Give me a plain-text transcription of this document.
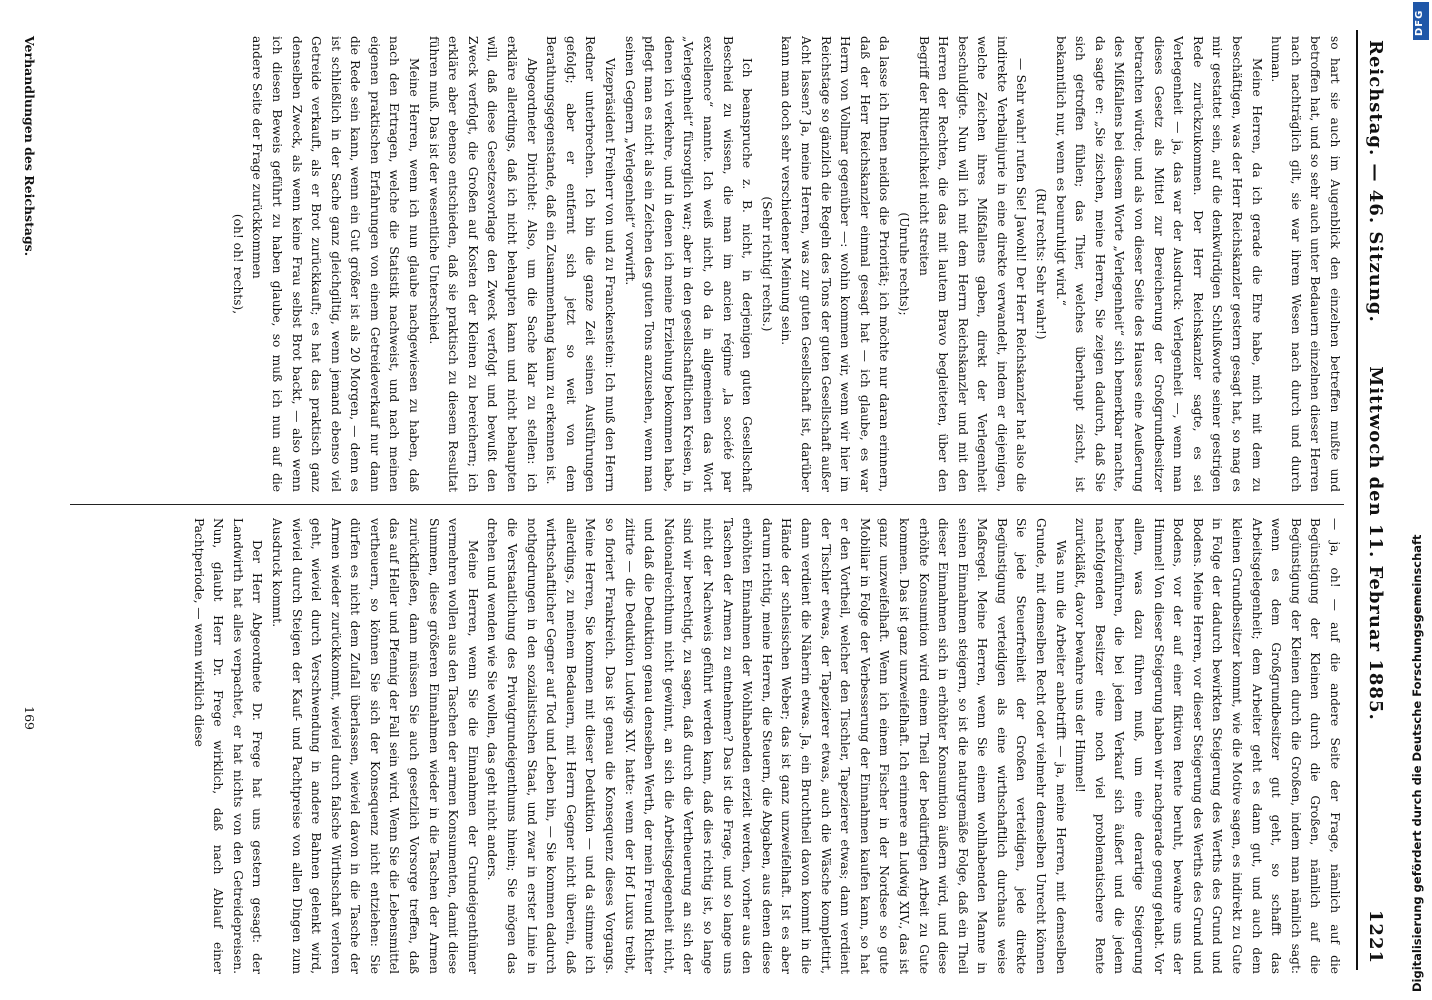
Reichstag. — 46. Sitzung.      Mittwoch den 11. Februar 1885.
1221

so hart sie auch im Augenblick den einzelnen betreffen mußte und betroffen hat, und so sehr auch unter Bedauern einzelnen dieser Herren nach nachträglich gilt, sie war ihrem Wesen nach durch und durch human.

Meine Herren, da ich gerade die Ehre habe, mich mit dem zu beschäftigen, was der Herr Reichskanzler gestern gesagt hat, so mag es mir gestattet sein, auf die denkwürdigen Schlußworte seiner gestrigen Rede zurückzukommen. Der Herr Reichskanzler sagte, es sei Verlegenheit — ja, das war der Ausdruck: Verlegenheit —, wenn man dieses Gesetz als Mittel zur Bereicherung der Großgrundbesitzer betrachten würde; und als von dieser Seite des Hauses eine Aeußerung des Mißfallens bei diesem Worte „Verlegenheit“ sich bemerkbar machte, da sagte er: „Sie zischen, meine Herren, Sie zeigen dadurch, daß Sie sich getroffen fühlen; das Thier, welches überhaupt zischt, ist bekanntlich nur, wenn es beunruhigt wird.“

(Ruf rechts: Sehr wahr!)

— Sehr wahr! rufen Sie! Jawohl! Der Herr Reichskanzler hat also die indirekte Verbalinjurie in eine direkte verwandelt, indem er diejenigen, welche Zeichen ihres Mißfallens gaben, direkt der Verlegenheit beschuldigte. Nun will ich mit dem Herrn Reichskanzler und mit den Herren der Rechten, die das mit lautem Bravo begleiteten, über den Begriff der Ritterlichkeit nicht streiten

(Unruhe rechts);

da lasse ich Ihnen neidlos die Priorität; ich möchte nur daran erinnern, daß der Herr Reichskanzler einmal gesagt hat — ich glaube, es war Herrn von Vollmar gegenüber —: wohin kommen wir, wenn wir hier im Reichstage so gänzlich die Regeln des Tons der guten Gesellschaft außer Acht lassen? Ja, meine Herren, was zur guten Gesellschaft ist, darüber kann man doch sehr verschiedener Meinung sein.

(Sehr richtig! rechts.)

Ich beanspruche z. B. nicht, in derjenigen guten Gesellschaft Bescheid zu wissen, die man im ancien régime „la société par excellence“ nannte. Ich weiß nicht, ob da in allgemeinen das Wort „Verlegenheit“ fürsorglich war; aber in den gesellschaftlichen Kreisen, in denen ich verkehre, und in denen ich meine Erziehung bekommen habe, pflegt man es nicht als ein Zeichen des guten Tons anzusehen, wenn man seinen Gegnern „Verlegenheit“ vorwirft.

Vizepräsident Freiherr von und zu Franckenstein: Ich muß den Herrn Redner unterbrechen. Ich bin die ganze Zeit seinen Ausführungen gefolgt; aber er entfernt sich jetzt so weit von dem Berathungsgegenstande, daß ein Zusammenhang kaum zu erkennen ist.

Abgeordneter Dirichlet: Also, um die Sache klar zu stellen: ich erkläre allerdings, daß ich nicht behaupten kann und nicht behaupten will, daß diese Gesetzesvorlage den Zweck verfolgt und bewußt den Zweck verfolgt, die Großen auf Kosten der Kleinen zu bereichern; ich erkläre aber ebenso entschieden, daß sie praktisch zu diesem Resultat führen muß. Das ist der wesentliche Unterschied.

Meine Herren, wenn ich nun glaube nachgewiesen zu haben, daß nach den Ertragen, welche die Statistik nachweist, und nach meinen eigenen praktischen Erfahrungen von einem Getreideverkauf nur dann die Rede sein kann, wenn ein Gut größer ist als 20 Morgen, — denn es ist schließlich in der Sache ganz gleichgiltig, wenn jemand ebenso viel Getreide verkauft, als er Brot zurückkauft; es hat das praktisch ganz denselben Zweck, als wenn keine Frau selbst Brot backt, — also wenn ich diesen Beweis geführt zu haben glaube, so muß ich nun auf die andere Seite der Frage zurückkommen

(oh! oh! rechts),

— ja, oh! — auf die andere Seite der Frage, nämlich auf die Begünstigung der Kleinen durch die Großen, nämlich auf die Begünstigung der Kleinen durch die Großen, indem man nämlich sagt: wenn es dem Großgrundbesitzer gut geht, so schafft das Arbeitsgelegenheit; dem Arbeiter geht es dann gut, und auch dem kleinen Grundbesitzer kommt, wie die Motive sagen, es indirekt zu Gute in Folge der dadurch bewirkten Steigerung des Werths des Grund und Bodens. Meine Herren, vor dieser Steigerung des Werths des Grund und Bodens, vor der auf einer fiktiven Rente beruht, bewahre uns der Himmel! Von dieser Steigerung haben wir nachgerade genug gehabt. Vor allem, was dazu führen muß, um eine derartige Steigerung herbeizuführen, die bei jedem Verkauf sich äußert und die jedem nachfolgenden Besitzer eine noch viel problematischere Rente zurückläßt, davor bewahre uns der Himmel!

Was nun die Arbeiter anbetrifft — ja, meine Herren, mit demselben Grunde, mit demselben Recht oder vielmehr demselben Unrecht können Sie jede Steuerfreiheit der Großen verteidigen, jede direkte Begünstigung verteidigen als eine wirthschaftlich durchaus weise Maßregel. Meine Herren, wenn Sie einem wohlhabenden Manne in seinen Einnahmen steigern, so ist die naturgemäße Folge, daß ein Theil dieser Einnahmen sich in erhöhter Konsumtion äußern wird, und diese erhöhte Konsumtion wird einem Theil der bedürftigen Arbeit zu Gute kommen. Das ist ganz unzweifelhaft. Ich erinnere an Ludwig XIV., das ist ganz unzweifelhaft. Wenn ich einem Fischer in der Nordsee so gute Mobiliar in Folge der Verbesserung der Einnahmen kaufen kann, so hat er den Vortheil, welcher den Tischler, Tapezierer etwas; dann verdient der Tischler etwas, der Tapezierer etwas, auch die Wäsche komplettirt, dann verdient die Näherin etwas. Ja, ein Bruchtheil davon kommt in die Hände der schlesischen Weber; das ist ganz unzweifelhaft. Ist es aber darum richtig, meine Herren, die Steuern, die Abgaben, aus denen diese erhöhten Einnahmen der Wohlhabenden erzielt werden, vorher aus den Taschen der Armen zu entnehmen? Das ist die Frage, und so lange uns nicht der Nachweis geführt werden kann, daß dies richtig ist, so lange sind wir berechtigt, zu sagen, daß durch die Vertheuerung an sich der Nationalreichthum nicht gewinnt, an sich die Arbeitsgelegenheit nicht, und daß die Deduktion genau denselben Werth, der mein Freund Richter zitirte — die Deduktion Ludwigs XIV. hatte: wenn der Hof Luxus treibt, so floriert Frankreich. Das ist genau die Konsequenz dieses Vorgangs. Meine Herren, Sie kommen mit dieser Deduktion — und da stimme ich allerdings, zu meinem Bedauern, mit Herrn Gegner nicht überein, daß wirthschaftlicher Gegner auf Tod und Leben bin, — Sie kommen dadurch nothgedrungen in den sozialistischen Staat, und zwar in erster Linie in die Verstaatlichung des Privatgrundeigenthums hinein; Sie mögen das drehen und wenden wie Sie wollen, das geht nicht anders.

Meine Herren, wenn Sie die Einnahmen der Grundeigenthümer vermehren wollen aus den Taschen der armen Konsumenten, damit diese Summen, diese größeren Einnahmen wieder in die Taschen der Armen zurückfließen, dann müssen Sie auch gesetzlich Vorsorge treffen, daß das auf Heller und Pfennig der Fall sein wird. Wenn Sie die Lebensmittel vertheuern, so können Sie sich der Konsequenz nicht entziehen: Sie dürfen es nicht dem Zufall überlassen, wieviel davon in die Tasche der Armen wieder zurückkommt, wieviel durch falsche Wirthschaft verloren geht, wieviel durch Verschwendung in andere Bahnen gelenkt wird, wieviel durch Steigen der Kauf- und Pachtpreise von allen Dingen zum Ausdruck kommt.

Der Herr Abgeordnete Dr. Frege hat uns gestern gesagt: der Landwirth hat alles verpachtet, er hat nichts von den Getreidepreisen. Nun, glaubt Herr Dr. Frege wirklich, daß nach Ablauf einer Pachtperiode, — wenn wirklich diese

Verhandlungen des Reichstags.
169	Digitalisierung gefördert durch die Deutsche Forschungsgemeinschaft
DFG
